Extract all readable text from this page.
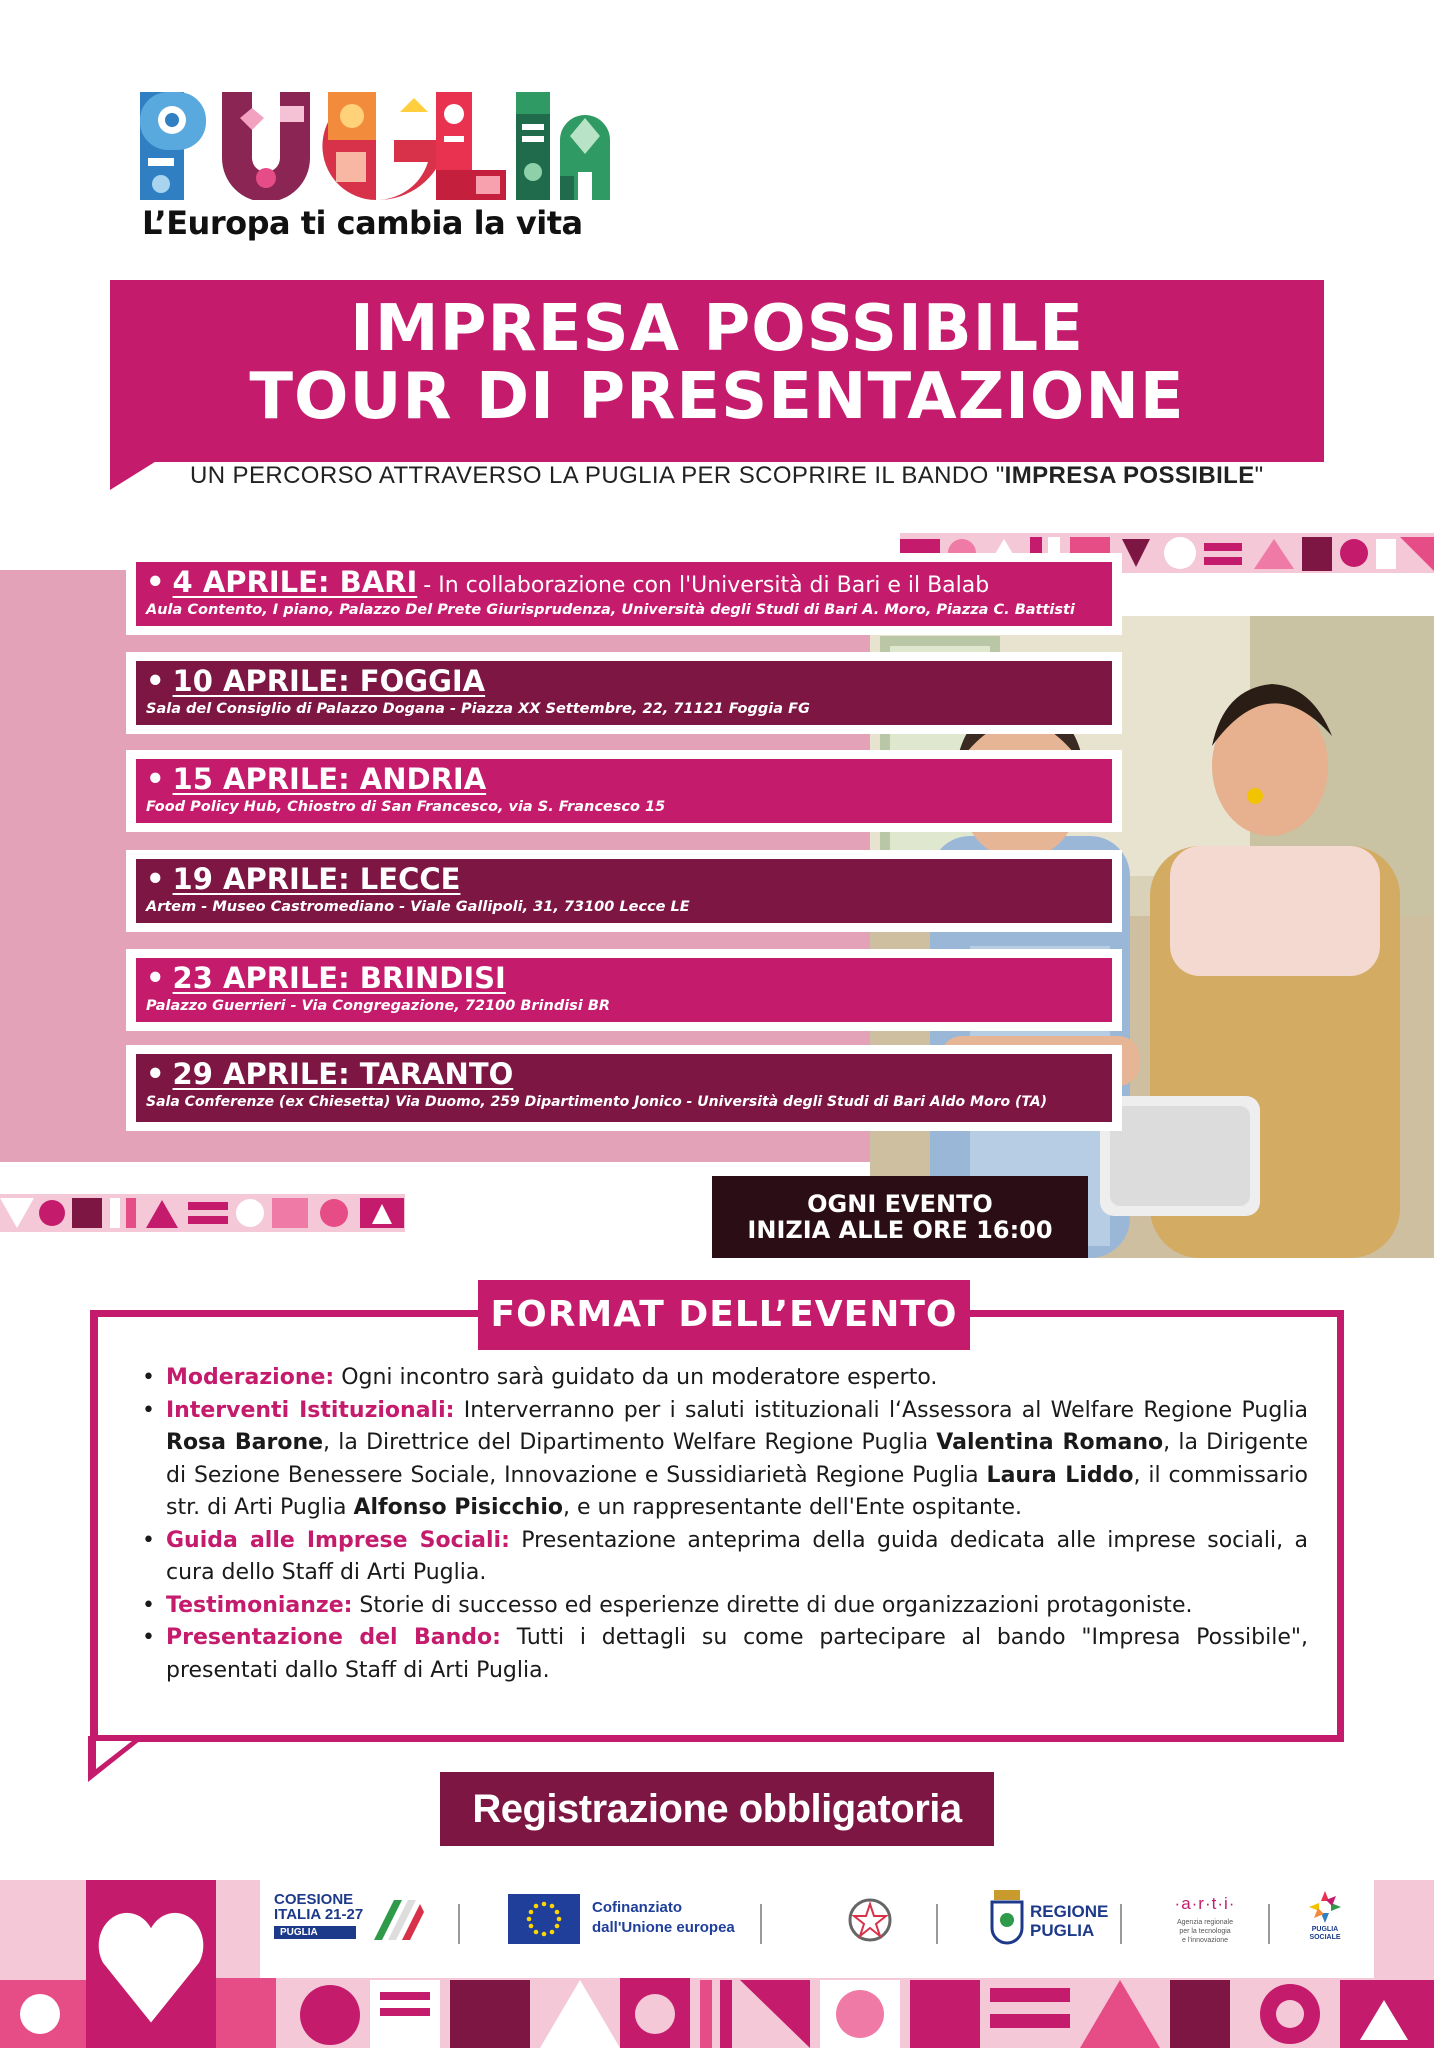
L’Europa ti cambia la vita
IMPRESA POSSIBILE
TOUR DI PRESENTAZIONE
UN PERCORSO ATTRAVERSO LA PUGLIA PER SCOPRIRE IL BANDO "IMPRESA POSSIBILE"
• 4 APRILE: BARI - In collaborazione con l'Università di Bari e il Balab
Aula Contento, I piano, Palazzo Del Prete Giurisprudenza, Università degli Studi di Bari A. Moro, Piazza C. Battisti
• 10 APRILE: FOGGIA
Sala del Consiglio di Palazzo Dogana - Piazza XX Settembre, 22, 71121 Foggia FG
• 15 APRILE: ANDRIA
Food Policy Hub, Chiostro di San Francesco, via S. Francesco 15
• 19 APRILE: LECCE
Artem - Museo Castromediano - Viale Gallipoli, 31, 73100 Lecce LE
• 23 APRILE: BRINDISI
Palazzo Guerrieri - Via Congregazione, 72100 Brindisi BR
• 29 APRILE: TARANTO
Sala Conferenze (ex Chiesetta) Via Duomo, 259 Dipartimento Jonico - Università degli Studi di Bari Aldo Moro (TA)
OGNI EVENTO
INIZIA ALLE ORE 16:00
FORMAT DELL’EVENTO
• Moderazione: Ogni incontro sarà guidato da un moderatore esperto.
• Interventi Istituzionali: Interverranno per i saluti istituzionali l‘Assessora al Welfare Regione Puglia Rosa Barone, la Direttrice del Dipartimento Welfare Regione Puglia Valentina Romano, la Dirigente di Sezione Benessere Sociale, Innovazione e Sussidiarietà Regione Puglia Laura Liddo, il commissario str. di Arti Puglia Alfonso Pisicchio, e un rappresentante dell'Ente ospitante.
• Guida alle Imprese Sociali: Presentazione anteprima della guida dedicata alle imprese sociali, a cura dello Staff di Arti Puglia.
• Testimonianze: Storie di successo ed esperienze dirette di due organizzazioni protagoniste.
• Presentazione del Bando: Tutti i dettagli su come partecipare al bando "Impresa Possibile", presentati dallo Staff di Arti Puglia.
Registrazione obbligatoria
COESIONE
ITALIA 21-27
PUGLIA
Cofinanziato
dall'Unione europea
REGIONE
PUGLIA
·a·r·t·i·
Agenzia regionale
per la tecnologia
e l'innovazione
PUGLIA
SOCIALE
